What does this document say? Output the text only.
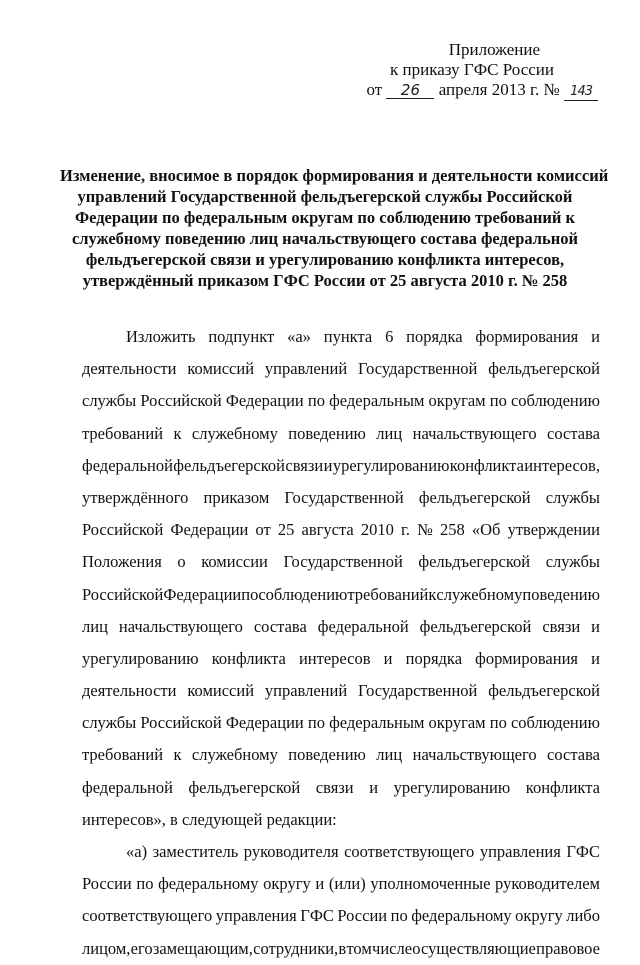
Приложение
к приказу ГФС России
от 26 апреля 2013 г. № 143
Изменение, вносимое в порядок формирования и деятельности комиссий
управлений Государственной фельдъегерской службы Российской
Федерации по федеральным округам по соблюдению требований к
служебному поведению лиц начальствующего состава федеральной
фельдъегерской связи и урегулированию конфликта интересов,
утверждённый приказом ГФС России от 25 августа 2010 г. № 258
Изложить подпункт «а» пункта 6 порядка формирования и
деятельности комиссий управлений Государственной фельдъегерской
службы Российской Федерации по федеральным округам по соблюдению
требований к служебному поведению лиц начальствующего состава
федеральной фельдъегерской связи и урегулированию конфликта интересов,
утверждённого приказом Государственной фельдъегерской службы
Российской Федерации от 25 августа 2010 г. № 258 «Об утверждении
Положения о комиссии Государственной фельдъегерской службы
Российской Федерации по соблюдению требований к служебному поведению
лиц начальствующего состава федеральной фельдъегерской связи и
урегулированию конфликта интересов и порядка формирования и
деятельности комиссий управлений Государственной фельдъегерской
службы Российской Федерации по федеральным округам по соблюдению
требований к служебному поведению лиц начальствующего состава
федеральной фельдъегерской связи и урегулированию конфликта
интересов», в следующей редакции:
«а) заместитель руководителя соответствующего управления ГФС
России по федеральному округу и (или) уполномоченные руководителем
соответствующего управления ГФС России по федеральному округу либо
лицом, его замещающим, сотрудники, в том числе осуществляющие правовое
